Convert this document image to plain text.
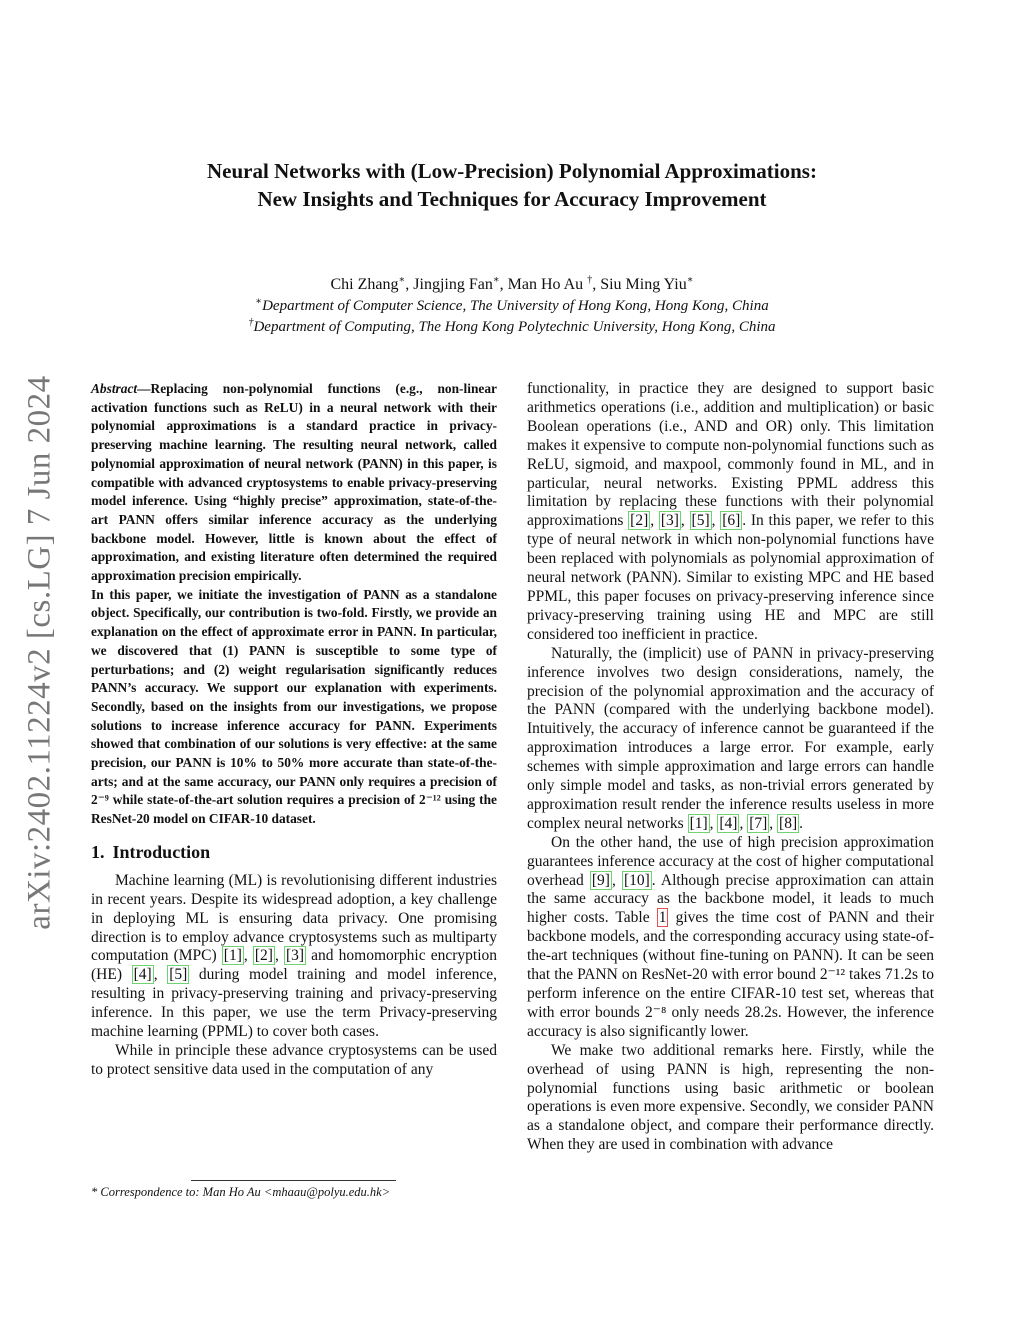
arXiv:2402.11224v2 [cs.LG] 7 Jun 2024

Neural Networks with (Low-Precision) Polynomial Approximations:
New Insights and Techniques for Accuracy Improvement

Chi Zhang∗, Jingjing Fan∗, Man Ho Au †, Siu Ming Yiu∗
∗Department of Computer Science, The University of Hong Kong, Hong Kong, China
†Department of Computing, The Hong Kong Polytechnic University, Hong Kong, China

Abstract—Replacing non-polynomial functions (e.g., non-linear activation functions such as ReLU) in a neural network with their polynomial approximations is a standard practice in privacy-preserving machine learning. The resulting neural network, called polynomial approximation of neural network (PANN) in this paper, is compatible with advanced cryptosystems to enable privacy-preserving model inference. Using “highly precise” approximation, state-of-the-art PANN offers similar inference accuracy as the underlying backbone model. However, little is known about the effect of approximation, and existing literature often determined the required approximation precision empirically.

In this paper, we initiate the investigation of PANN as a standalone object. Specifically, our contribution is two-fold. Firstly, we provide an explanation on the effect of approximate error in PANN. In particular, we discovered that (1) PANN is susceptible to some type of perturbations; and (2) weight regularisation significantly reduces PANN’s accuracy. We support our explanation with experiments. Secondly, based on the insights from our investigations, we propose solutions to increase inference accuracy for PANN. Experiments showed that combination of our solutions is very effective: at the same precision, our PANN is 10% to 50% more accurate than state-of-the-arts; and at the same accuracy, our PANN only requires a precision of 2⁻⁹ while state-of-the-art solution requires a precision of 2⁻¹² using the ResNet-20 model on CIFAR-10 dataset.

1. Introduction

Machine learning (ML) is revolutionising different industries in recent years. Despite its widespread adoption, a key challenge in deploying ML is ensuring data privacy. One promising direction is to employ advance cryptosystems such as multiparty computation (MPC) [1] , [2] , [3] and homomorphic encryption (HE) [4] , [5] during model training and model inference, resulting in privacy-preserving training and privacy-preserving inference. In this paper, we use the term Privacy-preserving machine learning (PPML) to cover both cases.

While in principle these advance cryptosystems can be used to protect sensitive data used in the computation of any

* Correspondence to: Man Ho Au <mhaau@polyu.edu.hk>

functionality, in practice they are designed to support basic arithmetics operations (i.e., addition and multiplication) or basic Boolean operations (i.e., AND and OR) only. This limitation makes it expensive to compute non-polynomial functions such as ReLU, sigmoid, and maxpool, commonly found in ML, and in particular, neural networks. Existing PPML address this limitation by replacing these functions with their polynomial approximations [2] , [3] , [5] , [6] . In this paper, we refer to this type of neural network in which non-polynomial functions have been replaced with polynomials as polynomial approximation of neural network (PANN). Similar to existing MPC and HE based PPML, this paper focuses on privacy-preserving inference since privacy-preserving training using HE and MPC are still considered too inefficient in practice.

Naturally, the (implicit) use of PANN in privacy-preserving inference involves two design considerations, namely, the precision of the polynomial approximation and the accuracy of the PANN (compared with the underlying backbone model). Intuitively, the accuracy of inference cannot be guaranteed if the approximation introduces a large error. For example, early schemes with simple approximation and large errors can handle only simple model and tasks, as non-trivial errors generated by approximation result render the inference results useless in more complex neural networks [1] , [4] , [7] , [8] .

On the other hand, the use of high precision approximation guarantees inference accuracy at the cost of higher computational overhead [9] , [10] . Although precise approximation can attain the same accuracy as the backbone model, it leads to much higher costs. Table 1 gives the time cost of PANN and their backbone models, and the corresponding accuracy using state-of-the-art techniques (without fine-tuning on PANN). It can be seen that the PANN on ResNet-20 with error bound 2⁻¹² takes 71.2s to perform inference on the entire CIFAR-10 test set, whereas that with error bounds 2⁻⁸ only needs 28.2s. However, the inference accuracy is also significantly lower.

We make two additional remarks here. Firstly, while the overhead of using PANN is high, representing the non-polynomial functions using basic arithmetic or boolean operations is even more expensive. Secondly, we consider PANN as a standalone object, and compare their performance directly. When they are used in combination with advance
